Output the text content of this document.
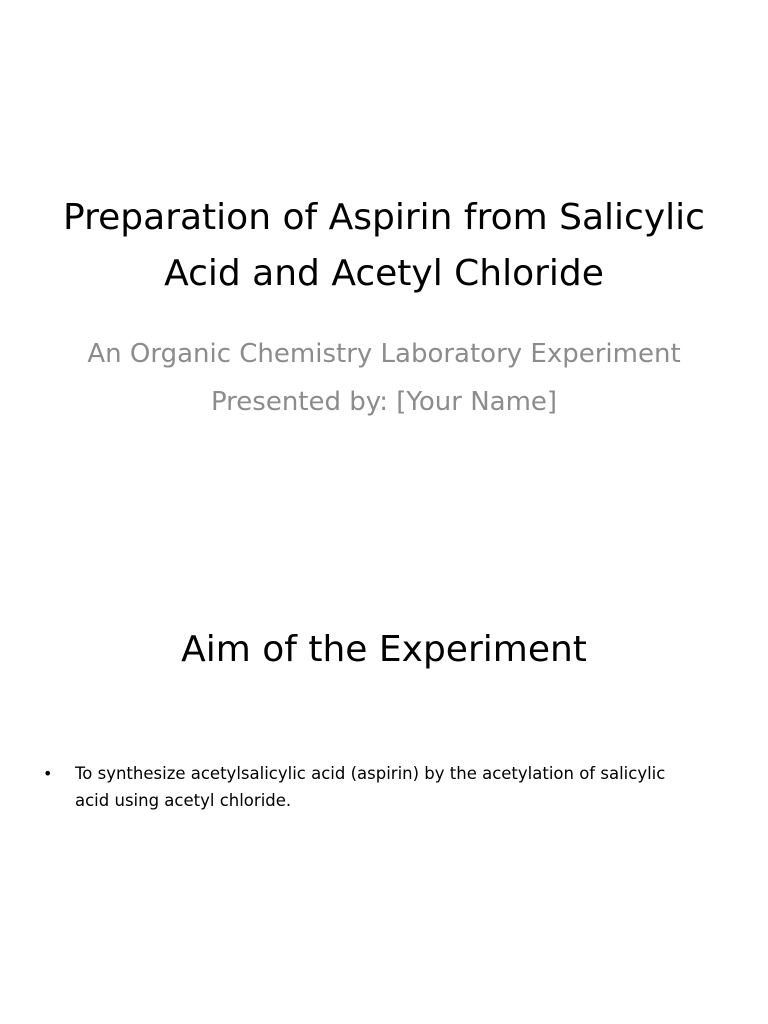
Preparation of Aspirin from Salicylic Acid and Acetyl Chloride
An Organic Chemistry Laboratory Experiment
Presented by: [Your Name]
Aim of the Experiment
• To synthesize acetylsalicylic acid (aspirin) by the acetylation of salicylic acid using acetyl chloride.
